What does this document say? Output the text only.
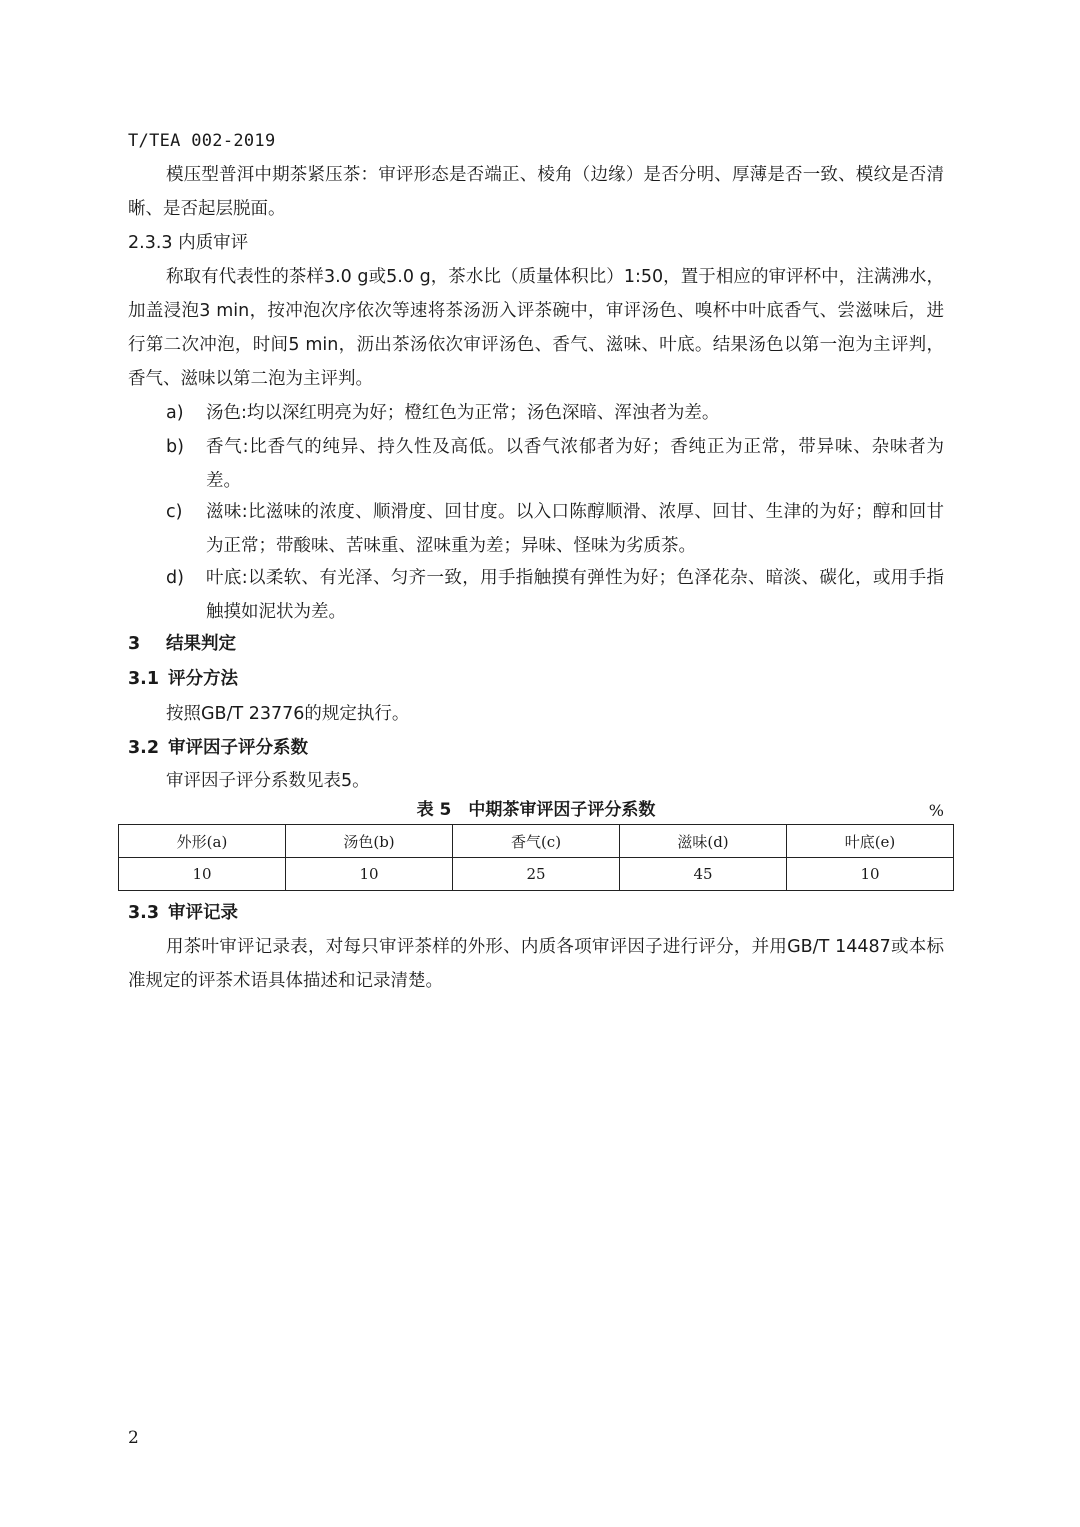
T/TEA 002-2019
模压型普洱中期茶紧压茶：审评形态是否端正、棱角（边缘）是否分明、厚薄是否一致、模纹是否清晰、是否起层脱面。
2.3.3 内质审评
称取有代表性的茶样3.0 g或5.0 g，茶水比（质量体积比）1:50，置于相应的审评杯中，注满沸水，加盖浸泡3 min，按冲泡次序依次等速将茶汤沥入评茶碗中，审评汤色、嗅杯中叶底香气、尝滋味后，进行第二次冲泡，时间5 min，沥出茶汤依次审评汤色、香气、滋味、叶底。结果汤色以第一泡为主评判，香气、滋味以第二泡为主评判。
a)	汤色:均以深红明亮为好；橙红色为正常；汤色深暗、浑浊者为差。
b)	香气:比香气的纯异、持久性及高低。以香气浓郁者为好；香纯正为正常，带异味、杂味者为差。
c)	滋味:比滋味的浓度、顺滑度、回甘度。以入口陈醇顺滑、浓厚、回甘、生津的为好；醇和回甘为正常；带酸味、苦味重、涩味重为差；异味、怪味为劣质茶。
d)	叶底:以柔软、有光泽、匀齐一致，用手指触摸有弹性为好；色泽花杂、暗淡、碳化，或用手指触摸如泥状为差。
3 结果判定
3.1 评分方法
按照GB/T 23776的规定执行。
3.2 审评因子评分系数
审评因子评分系数见表5。
表 5　中期茶审评因子评分系数	%
外形(a)	汤色(b)	香气(c)	滋味(d)	叶底(e)
10	10	25	45	10
3.3 审评记录
用茶叶审评记录表，对每只审评茶样的外形、内质各项审评因子进行评分，并用GB/T 14487或本标准规定的评茶术语具体描述和记录清楚。
2
